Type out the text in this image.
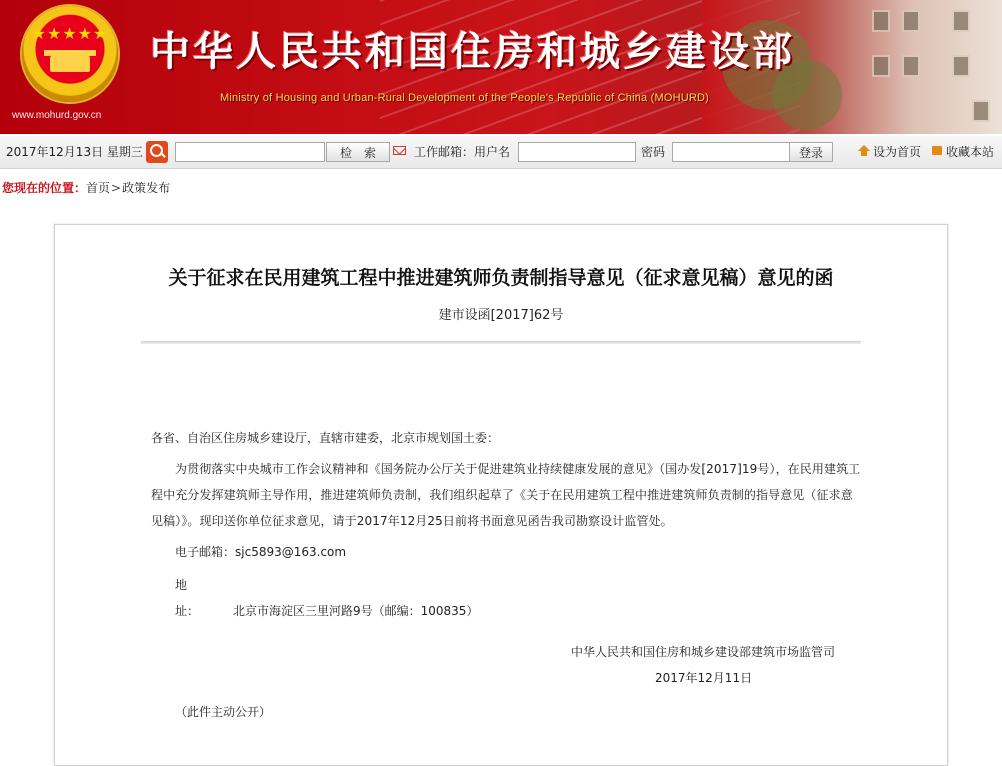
★★★★★
www.mohurd.gov.cn
中华人民共和国住房和城乡建设部
Ministry of Housing and Urban-Rural Development of the People's Republic of China (MOHURD)
2017年12月13日 星期三	检　索	工作邮箱：用户名	密码	登录	设为首页 收藏本站
您现在的位置：首页>政策发布
关于征求在民用建筑工程中推进建筑师负责制指导意见（征求意见稿）意见的函
建市设函[2017]62号
各省、自治区住房城乡建设厅，直辖市建委，北京市规划国土委：
为贯彻落实中央城市工作会议精神和《国务院办公厅关于促进建筑业持续健康发展的意见》（国办发[2017]19号），在民用建筑工程中充分发挥建筑师主导作用，推进建筑师负责制，我们组织起草了《关于在民用建筑工程中推进建筑师负责制的指导意见（征求意见稿）》。现印送你单位征求意见，请于2017年12月25日前将书面意见函告我司勘察设计监管处。
电子邮箱：sjc5893@163.com
地　　址：	北京市海淀区三里河路9号（邮编：100835）
中华人民共和国住房和城乡建设部建筑市场监管司
2017年12月11日
（此件主动公开）
